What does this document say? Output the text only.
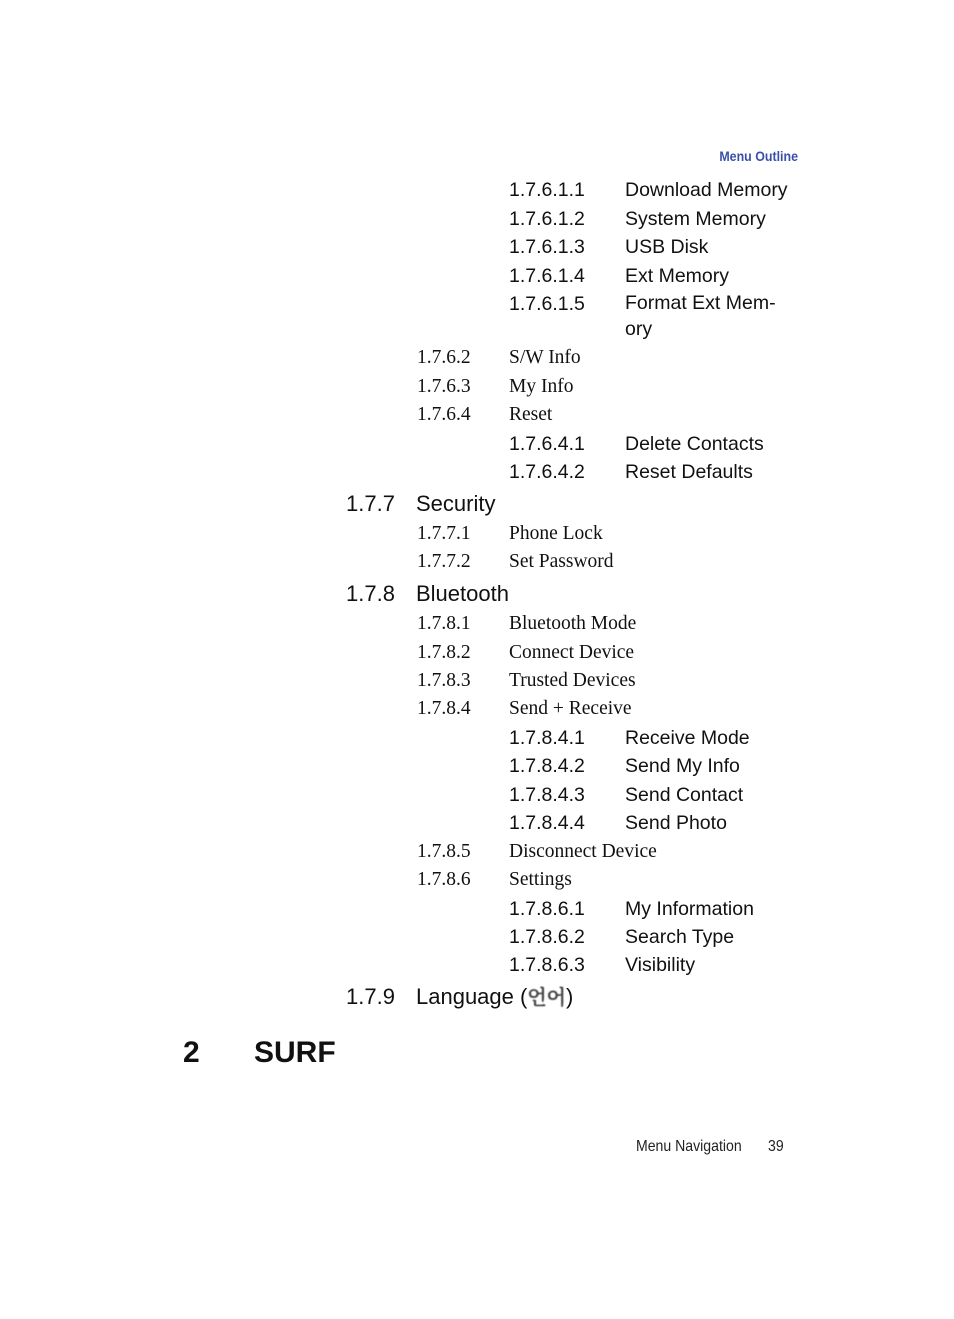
Menu Outline
1.7.6.1.1 Download Memory
1.7.6.1.2 System Memory
1.7.6.1.3 USB Disk
1.7.6.1.4 Ext Memory
1.7.6.1.5 Format Ext Mem-
ory
1.7.6.2 S/W Info
1.7.6.3 My Info
1.7.6.4 Reset
1.7.6.4.1 Delete Contacts
1.7.6.4.2 Reset Defaults
1.7.7 Security
1.7.7.1 Phone Lock
1.7.7.2 Set Password
1.7.8 Bluetooth
1.7.8.1 Bluetooth Mode
1.7.8.2 Connect Device
1.7.8.3 Trusted Devices
1.7.8.4 Send + Receive
1.7.8.4.1 Receive Mode
1.7.8.4.2 Send My Info
1.7.8.4.3 Send Contact
1.7.8.4.4 Send Photo
1.7.8.5 Disconnect Device
1.7.8.6 Settings
1.7.8.6.1 My Information
1.7.8.6.2 Search Type
1.7.8.6.3 Visibility
1.7.9 Language (언어)
2 SURF
Menu Navigation 39
